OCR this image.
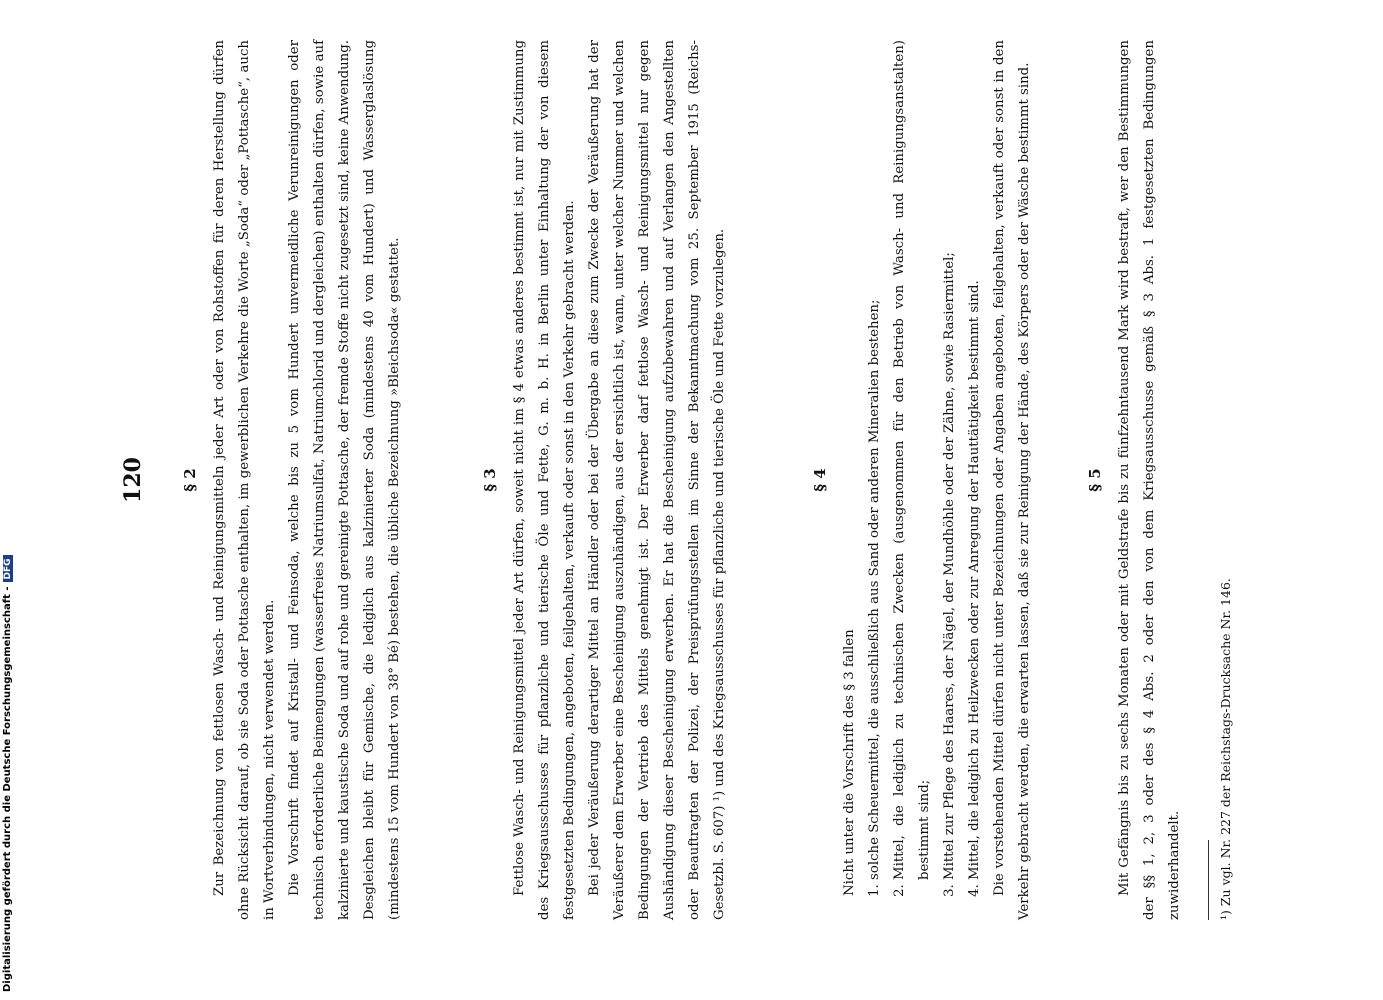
Digitalisierung gefördert durch die Deutsche Forschungsgemeinschaft -DFG
120 § 2 Zur Bezeichnung von fettlosen Wasch- und Reinigungsmitteln jeder Art oder von Rohstoffen für deren Herstellung dürfen ohne Rücksicht darauf, ob sie Soda oder Pottasche enthalten, im gewerblichen Verkehre die Worte „Soda“ oder „Pottasche“, auch in Wortverbindungen, nicht verwendet werden. Die Vorschrift findet auf Kristall- und Feinsoda, welche bis zu 5 vom Hundert unvermeidliche Verunreinigungen oder technisch erforderliche Beimengungen (wasserfreies Natriumsulfat, Natriumchlorid und dergleichen) enthalten dürfen, sowie auf kalzinierte und kaustische Soda und auf rohe und gereinigte Pottasche, der fremde Stoffe nicht zugesetzt sind, keine Anwendung. Desgleichen bleibt für Gemische, die lediglich aus kalzinierter Soda (mindestens 40 vom Hundert) und Wasserglaslösung (mindestens 15 vom Hundert von 38° Bé) bestehen, die übliche Bezeichnung »Bleichsoda« gestattet.	§ 3 Fettlose Wasch- und Reinigungsmittel jeder Art dürfen, soweit nicht im § 4 etwas anderes bestimmt ist, nur mit Zustimmung des Kriegsausschusses für pflanzliche und tierische Öle und Fette, G. m. b. H. in Berlin unter Einhaltung der von diesem festgesetzten Bedingungen, angeboten, feilgehalten, verkauft oder sonst in den Verkehr gebracht werden. Bei jeder Veräußerung derartiger Mittel an Händler oder bei der Übergabe an diese zum Zwecke der Veräußerung hat der Veräußerer dem Erwerber eine Bescheinigung auszuhändigen, aus der ersichtlich ist, wann, unter welcher Nummer und welchen Bedingungen der Vertrieb des Mittels genehmigt ist. Der Erwerber darf fettlose Wasch- und Reinigungsmittel nur gegen Aushändigung dieser Bescheinigung erwerben. Er hat die Bescheinigung aufzubewahren und auf Verlangen den Angestellten oder Beauftragten der Polizei, der Preisprüfungsstellen im Sinne der Bekanntmachung vom 25. September 1915 (Reichs-Gesetzbl. S. 607) ¹) und des Kriegsausschusses für pflanzliche und tierische Öle und Fette vorzulegen.	§ 4

Nicht unter die Vorschrift des § 3 fallen 1. solche Scheuermittel, die ausschließlich aus Sand oder anderen Mineralien bestehen; 2. Mittel, die lediglich zu technischen Zwecken (ausgenommen für den Betrieb von Wasch- und Reinigungsanstalten) bestimmt sind; 3. Mittel zur Pflege des Haares, der Nägel, der Mundhöhle oder der Zähne, sowie Rasiermittel; 4. Mittel, die lediglich zu Heilzwecken oder zur Anregung der Hauttätigkeit bestimmt sind. Die vorstehenden Mittel dürfen nicht unter Bezeichnungen oder Angaben angeboten, feilgehalten, verkauft oder sonst in den Verkehr gebracht werden, die erwarten lassen, daß sie zur Reinigung der Hände, des Körpers oder der Wäsche bestimmt sind.	§ 5 Mit Gefängnis bis zu sechs Monaten oder mit Geldstrafe bis zu fünfzehntausend Mark wird bestraft, wer den Bestimmungen der §§ 1, 2, 3 oder des § 4 Abs. 2 oder den von dem Kriegsausschusse gemäß § 3 Abs. 1 festgesetzten Bedingungen zuwiderhandelt.	¹) Zu vgl. Nr. 227 der Reichstags-Drucksache Nr. 146.
